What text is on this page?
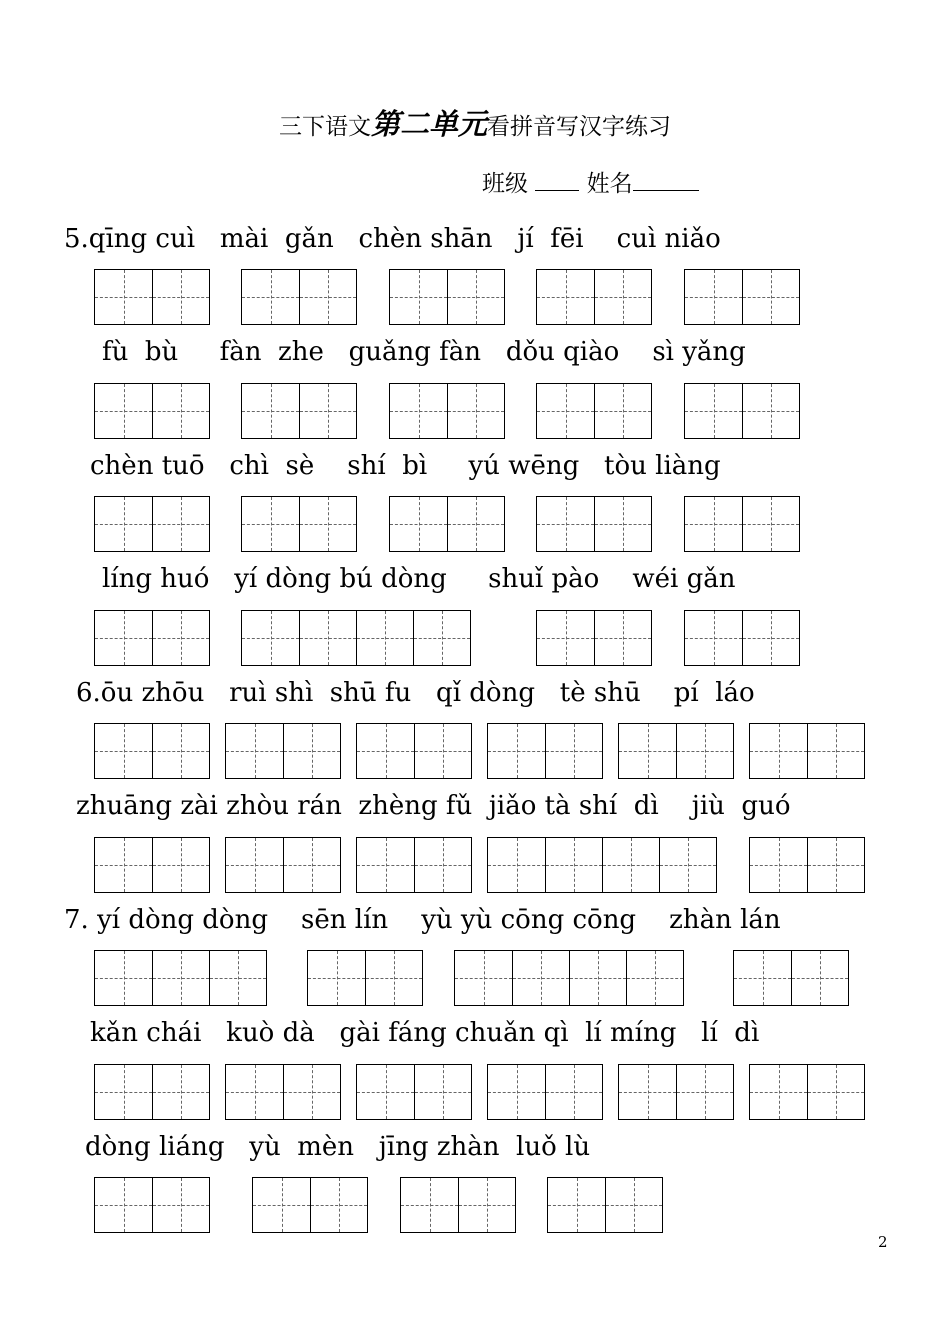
三下语文第二单元看拼音写汉字练习
班级	姓名
5.qīng cuì   mài  gǎn   chèn shān   jí  fēi    cuì niǎo
fù  bù     fàn  zhe   guǎng fàn   dǒu qiào    sì yǎng
chèn tuō   chì  sè    shí  bì     yú wēng   tòu liàng
líng huó   yí dòng bú dòng     shuǐ pào    wéi gǎn
6.ōu zhōu   ruì shì  shū fu   qǐ dòng   tè shū    pí  láo
zhuāng zài zhòu rán  zhèng fǔ  jiǎo tà shí  dì    jiù  guó
7. yí dòng dòng    sēn lín    yù yù cōng cōng    zhàn lán
kǎn chái   kuò dà   gài fáng chuǎn qì  lí míng   lí  dì
dòng liáng   yù  mèn   jīng zhàn  luǒ lù
2
